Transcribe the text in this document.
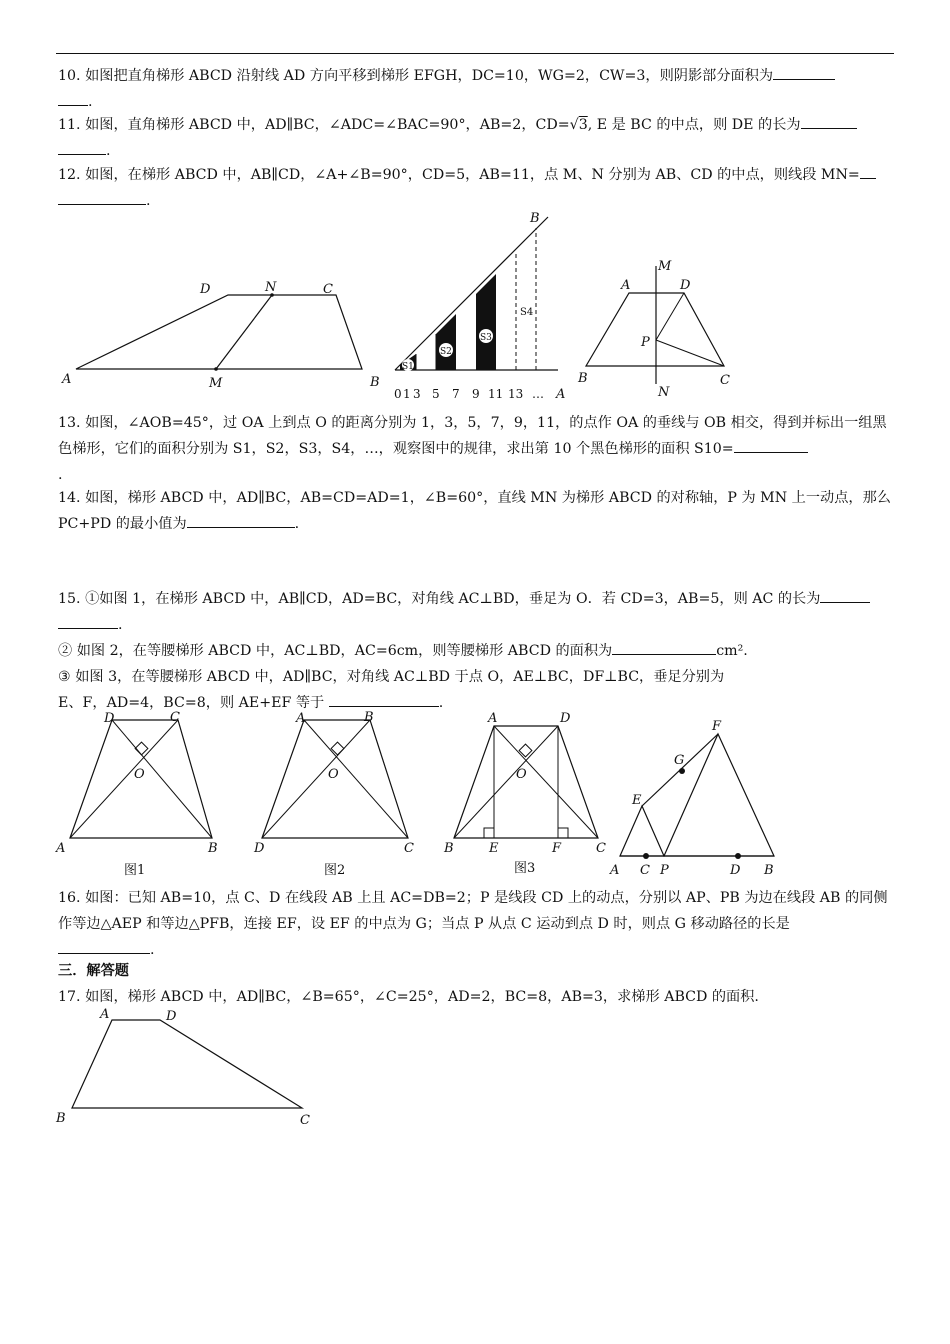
10. 如图把直角梯形 ABCD 沿射线 AD 方向平移到梯形 EFGH，DC=10，WG=2，CW=3，则阴影部分面积为
.

11. 如图，直角梯形 ABCD 中，AD∥BC，∠ADC=∠BAC=90°，AB=2，CD=√3, E 是 BC 的中点，则 DE 的长为
.

12. 如图，在梯形 ABCD 中，AB∥CD，∠A+∠B=90°，CD=5，AB=11，点 M、N 分别为 AB、CD 的中点，则线段 MN=
.

D	N	C
A	M
S1
S2
S3
S4
B
0 1 3 5 7 9 11 13 … A
B
A	D
M
P
B
N
C

13. 如图，∠AOB=45°，过 OA 上到点 O 的距离分别为 1，3，5，7，9，11，的点作 OA 的垂线与 OB 相交，得到并标出一组黑色梯形，它们的面积分别为 S1，S2，S3，S4，…，观察图中的规律，求出第 10 个黑色梯形的面积 S10=
.

14. 如图，梯形 ABCD 中，AD∥BC，AB=CD=AD=1，∠B=60°，直线 MN 为梯形 ABCD 的对称轴，P 为 MN 上一动点，那么 PC+PD 的最小值为	.

15. ①如图 1，在梯形 ABCD 中，AB∥CD，AD=BC，对角线 AC⊥BD，垂足为 O．若 CD=3，AB=5，则 AC 的长为
.
② 如图 2，在等腰梯形 ABCD 中，AC⊥BD，AC=6cm，则等腰梯形 ABCD 的面积为	cm².
③ 如图 3，在等腰梯形 ABCD 中，AD∥BC，对角线 AC⊥BD 于点 O，AE⊥BC，DF⊥BC，垂足分别为
E、F，AD=4，BC=8，则 AE+EF 等于	.

D	C
O
A	B
图1
A	B
O
D	C
图2
A	D
O
B	E	F	C
图3
F
G
E
A C P	D B

16. 如图：已知 AB=10，点 C、D 在线段 AB 上且 AC=DB=2；P 是线段 CD 上的动点，分别以 AP、PB 为边在线段 AB 的同侧作等边△AEP 和等边△PFB，连接 EF，设 EF 的中点为 G；当点 P 从点 C 运动到点 D 时，则点 G 移动路径的长是
.

三．解答题

17. 如图，梯形 ABCD 中，AD∥BC，∠B=65°，∠C=25°，AD=2，BC=8，AB=3，求梯形 ABCD 的面积.

A	D
B	C
